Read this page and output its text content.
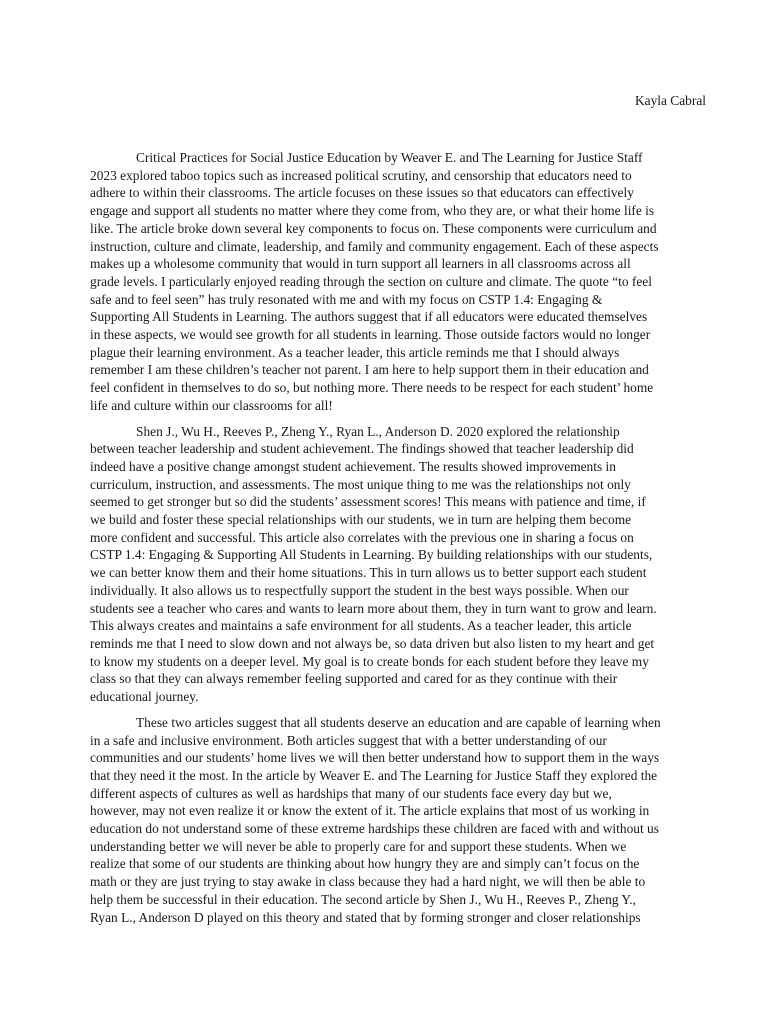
Kayla Cabral
Critical Practices for Social Justice Education by Weaver E. and The Learning for Justice Staff
2023 explored taboo topics such as increased political scrutiny, and censorship that educators need to
adhere to within their classrooms. The article focuses on these issues so that educators can effectively
engage and support all students no matter where they come from, who they are, or what their home life is
like. The article broke down several key components to focus on. These components were curriculum and
instruction, culture and climate, leadership, and family and community engagement. Each of these aspects
makes up a wholesome community that would in turn support all learners in all classrooms across all
grade levels. I particularly enjoyed reading through the section on culture and climate. The quote “to feel
safe and to feel seen” has truly resonated with me and with my focus on CSTP 1.4: Engaging &
Supporting All Students in Learning. The authors suggest that if all educators were educated themselves
in these aspects, we would see growth for all students in learning. Those outside factors would no longer
plague their learning environment. As a teacher leader, this article reminds me that I should always
remember I am these children’s teacher not parent. I am here to help support them in their education and
feel confident in themselves to do so, but nothing more. There needs to be respect for each student’ home
life and culture within our classrooms for all!
Shen J., Wu H., Reeves P., Zheng Y., Ryan L., Anderson D. 2020 explored the relationship
between teacher leadership and student achievement. The findings showed that teacher leadership did
indeed have a positive change amongst student achievement. The results showed improvements in
curriculum, instruction, and assessments. The most unique thing to me was the relationships not only
seemed to get stronger but so did the students’ assessment scores! This means with patience and time, if
we build and foster these special relationships with our students, we in turn are helping them become
more confident and successful. This article also correlates with the previous one in sharing a focus on
CSTP 1.4: Engaging & Supporting All Students in Learning. By building relationships with our students,
we can better know them and their home situations. This in turn allows us to better support each student
individually. It also allows us to respectfully support the student in the best ways possible. When our
students see a teacher who cares and wants to learn more about them, they in turn want to grow and learn.
This always creates and maintains a safe environment for all students. As a teacher leader, this article
reminds me that I need to slow down and not always be, so data driven but also listen to my heart and get
to know my students on a deeper level. My goal is to create bonds for each student before they leave my
class so that they can always remember feeling supported and cared for as they continue with their
educational journey.
These two articles suggest that all students deserve an education and are capable of learning when
in a safe and inclusive environment. Both articles suggest that with a better understanding of our
communities and our students’ home lives we will then better understand how to support them in the ways
that they need it the most. In the article by Weaver E. and The Learning for Justice Staff they explored the
different aspects of cultures as well as hardships that many of our students face every day but we,
however, may not even realize it or know the extent of it. The article explains that most of us working in
education do not understand some of these extreme hardships these children are faced with and without us
understanding better we will never be able to properly care for and support these students. When we
realize that some of our students are thinking about how hungry they are and simply can’t focus on the
math or they are just trying to stay awake in class because they had a hard night, we will then be able to
help them be successful in their education. The second article by Shen J., Wu H., Reeves P., Zheng Y.,
Ryan L., Anderson D played on this theory and stated that by forming stronger and closer relationships
